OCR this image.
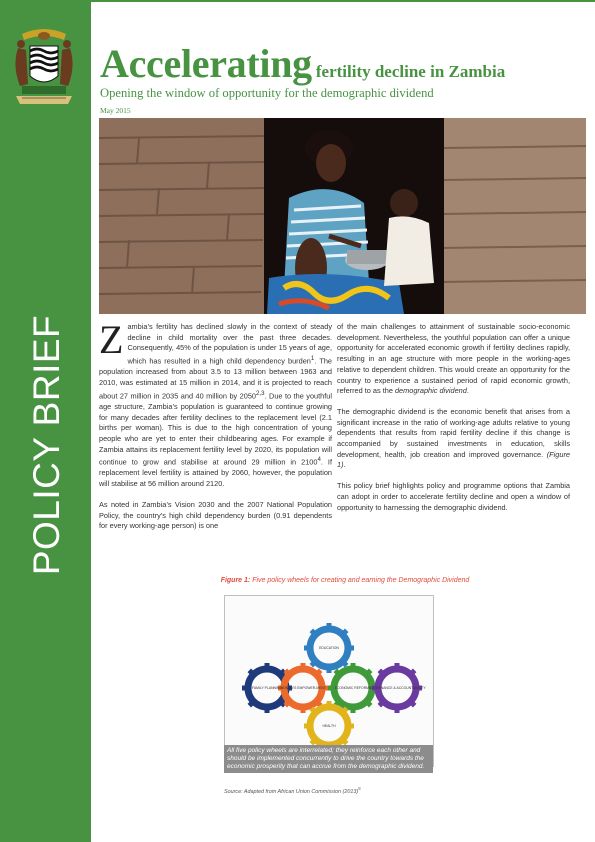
POLICY BRIEF
Accelerating fertility decline in Zambia
Opening the window of opportunity for the demographic dividend
May 2015

Zambia’s fertility has declined slowly in the context of steady decline in child mortality over the past three decades. Consequently, 45% of the population is under 15 years of age, which has resulted in a high child dependency burden$^1$. The population increased from about 3.5 to 13 million between 1963 and 2010, was estimated at 15 million in 2014, and it is projected to reach about 27 million in 2035 and 40 million by 2050$^{2,3}$. Due to the youthful age structure, Zambia’s population is guaranteed to continue growing for many decades after fertility declines to the replacement level (2.1 births per woman). This is due to the high concentration of young people who are yet to enter their childbearing ages. For example if Zambia attains its replacement fertility level by 2020, its population will continue to grow and stabilise at around 29 million in 2100$^4$. If replacement level fertility is attained by 2060, however, the population will stabilise at 56 million around 2120.

As noted in Zambia’s Vision 2030 and the 2007 National Population Policy, the country’s high child dependency burden (0.91 dependents for every working-age person) is one

of the main challenges to attainment of sustainable socio-economic development. Nevertheless, the youthful population can offer a unique opportunity for accelerated economic growth if fertility declines rapidly, resulting in an age structure with more people in the working-ages relative to dependent children. This would create an opportunity for the country to experience a sustained period of rapid economic growth, referred to as the demographic dividend.

The demographic dividend is the economic benefit that arises from a significant increase in the ratio of working-age adults relative to young dependents that results from rapid fertility decline if this change is accompanied by sustained investments in education, skills development, health, job creation and improved governance. (Figure 1).

This policy brief highlights policy and programme options that Zambia can adopt in order to accelerate fertility decline and open a window of opportunity to harnessing the demographic dividend.

Figure 1: Five policy wheels for creating and earning the Demographic Dividend
EDUCATION
FAMILY PLANNING
WOMEN'S EMPOWER-MENT	ECONOMIC REFORMS
GOVERNANCE & ACCOUNTABILITY
HEALTH
All five policy wheels are interrelated; they reinforce each other and should be implemented concurrently to drive the country towards the economic prosperity that can accrue from the demographic dividend.
Source: Adapted from African Union Commission $(2013)^5$
